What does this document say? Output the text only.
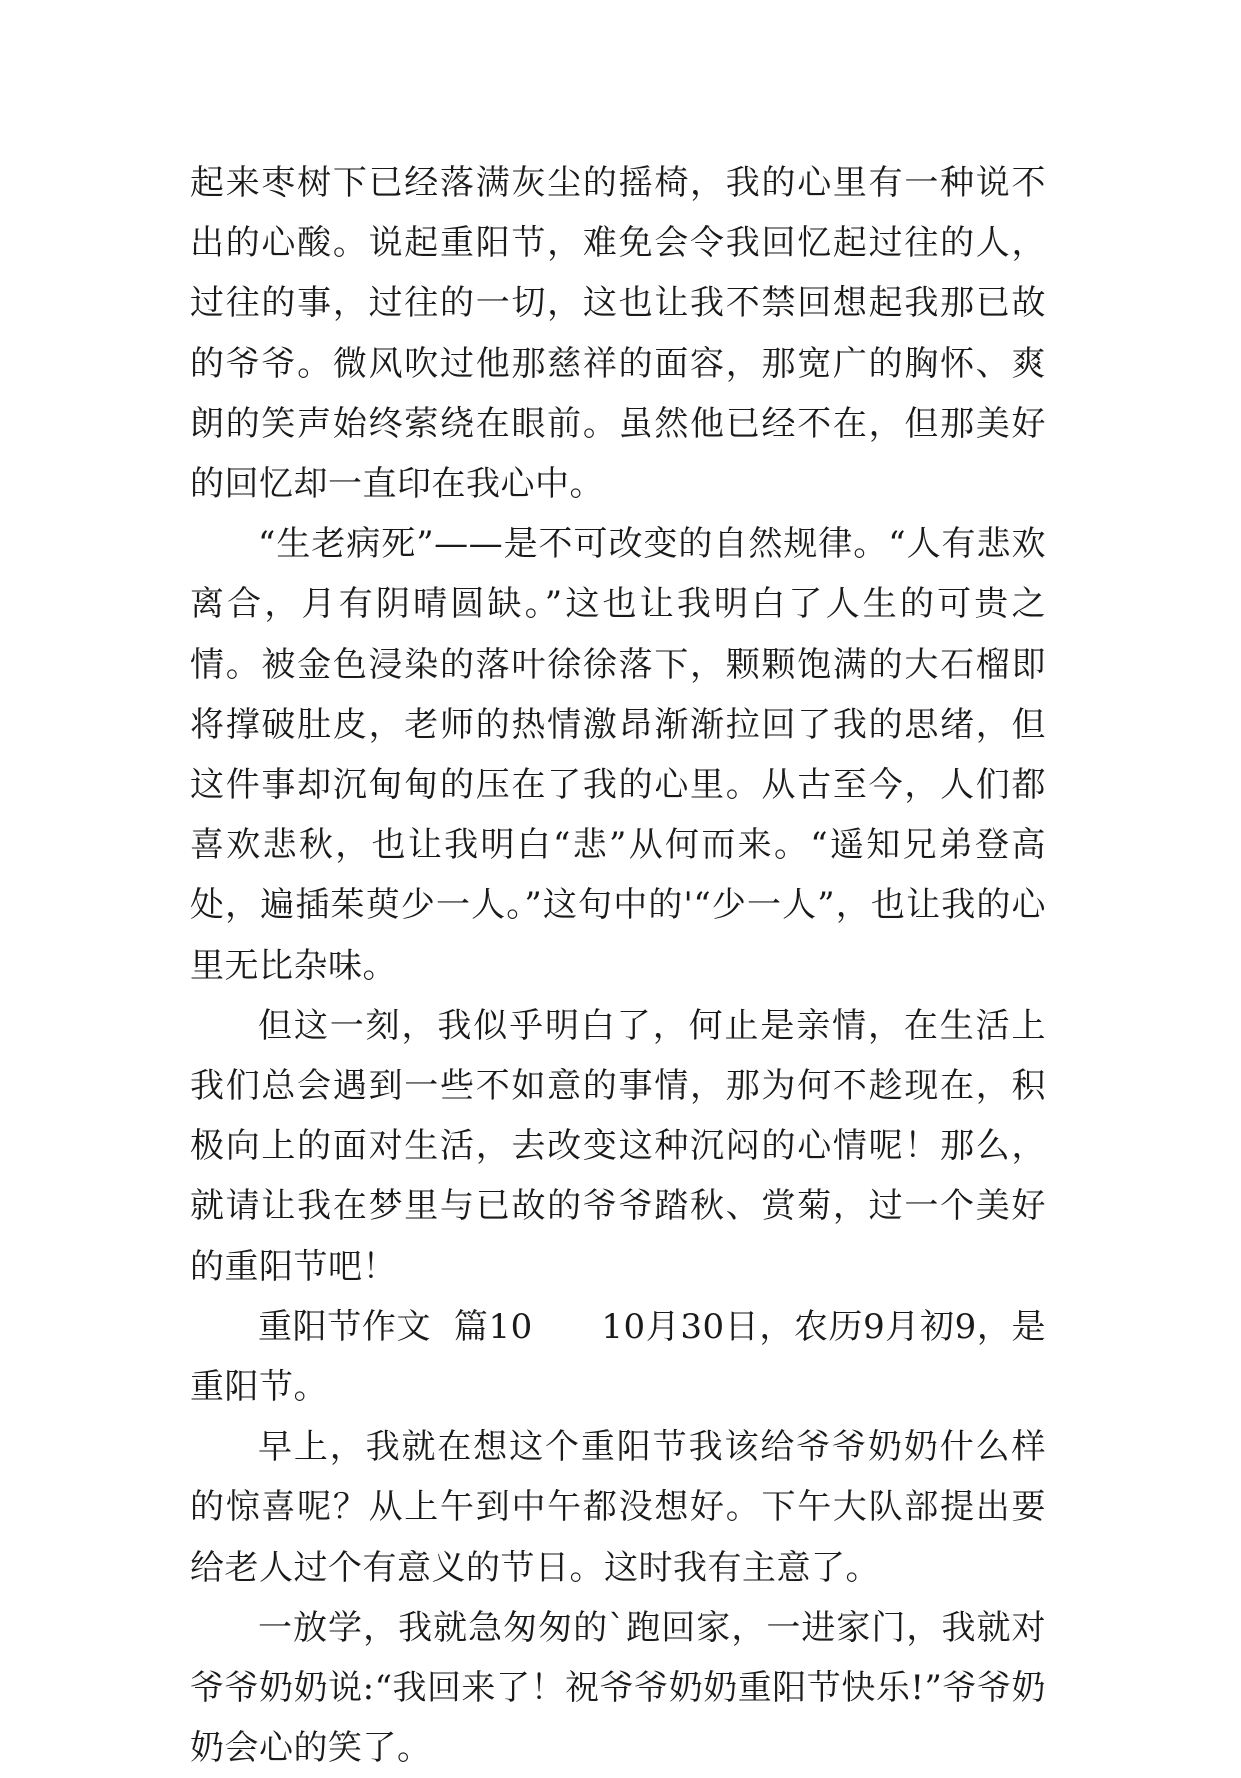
起来枣树下已经落满灰尘的摇椅，我的心里有一种说不出的心酸。说起重阳节，难免会令我回忆起过往的人，过往的事，过往的一切，这也让我不禁回想起我那已故的爷爷。微风吹过他那慈祥的面容，那宽广的胸怀、爽朗的笑声始终萦绕在眼前。虽然他已经不在，但那美好的回忆却一直印在我心中。

“生老病死”——是不可改变的自然规律。“人有悲欢离合，月有阴晴圆缺。”这也让我明白了人生的可贵之情。被金色浸染的落叶徐徐落下，颗颗饱满的大石榴即将撑破肚皮，老师的热情激昂渐渐拉回了我的思绪，但这件事却沉甸甸的压在了我的心里。从古至今，人们都喜欢悲秋，也让我明白“悲”从何而来。“遥知兄弟登高处，遍插茱萸少一人。”这句中的'“少一人”，也让我的心里无比杂味。

但这一刻，我似乎明白了，何止是亲情，在生活上我们总会遇到一些不如意的事情，那为何不趁现在，积极向上的面对生活，去改变这种沉闷的心情呢！那么，就请让我在梦里与已故的爷爷踏秋、赏菊，过一个美好的重阳节吧！

重阳节作文  篇10      10月30日，农历9月初9，是重阳节。

早上，我就在想这个重阳节我该给爷爷奶奶什么样的惊喜呢？从上午到中午都没想好。下午大队部提出要给老人过个有意义的节日。这时我有主意了。

一放学，我就急匆匆的`跑回家，一进家门，我就对爷爷奶奶说:“我回来了！祝爷爷奶奶重阳节快乐!”爷爷奶奶会心的笑了。
